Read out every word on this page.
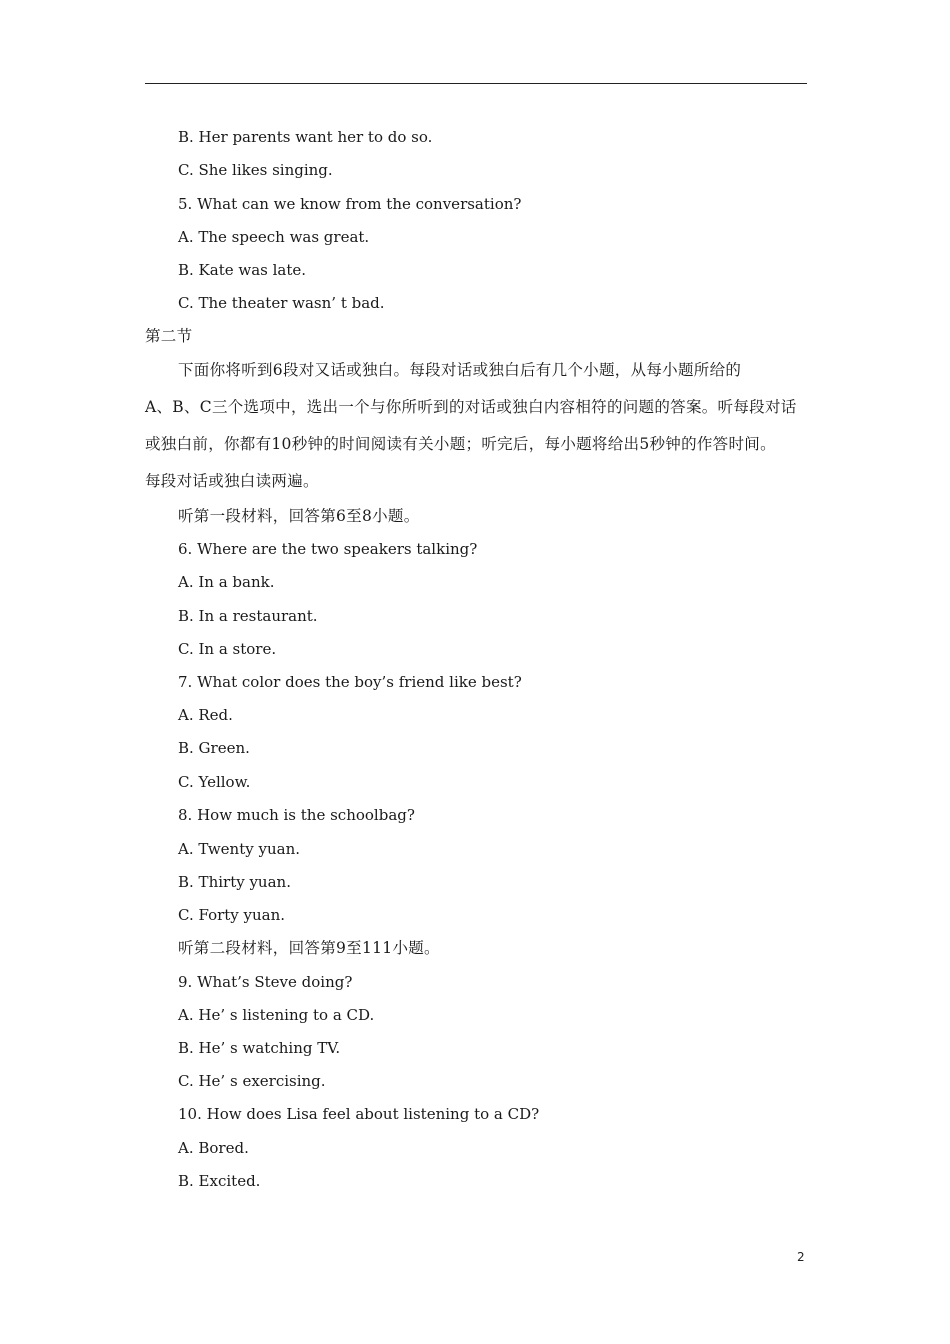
B. Her parents want her to do so.
C. She likes singing.
5. What can we know from the conversation?
A. The speech was great.
B. Kate was late.
C. The theater wasn’ t bad.
第二节
下面你将听到6段对又话或独白。每段对话或独白后有几个小题，从每小题所给的
A、B、C三个选项中，选出一个与你所听到的对话或独白内容相符的问题的答案。听每段对话
或独白前，你都有10秒钟的时间阅读有关小题；听完后，每小题将给出5秒钟的作答时间。
每段对话或独白读两遍。
听第一段材料，回答第6至8小题。
6. Where are the two speakers talking?
A. In a bank.
B. In a restaurant.
C. In a store.
7. What color does the boy’s friend like best?
A. Red.
B. Green.
C. Yellow.
8. How much is the schoolbag?
A. Twenty yuan.
B. Thirty yuan.
C. Forty yuan.
听第二段材料，回答第9至111小题。
9. What’s Steve doing?
A. He’ s listening to a CD.
B. He’ s watching TV.
C. He’ s exercising.
10. How does Lisa feel about listening to a CD?
A. Bored.
B. Excited.
2
